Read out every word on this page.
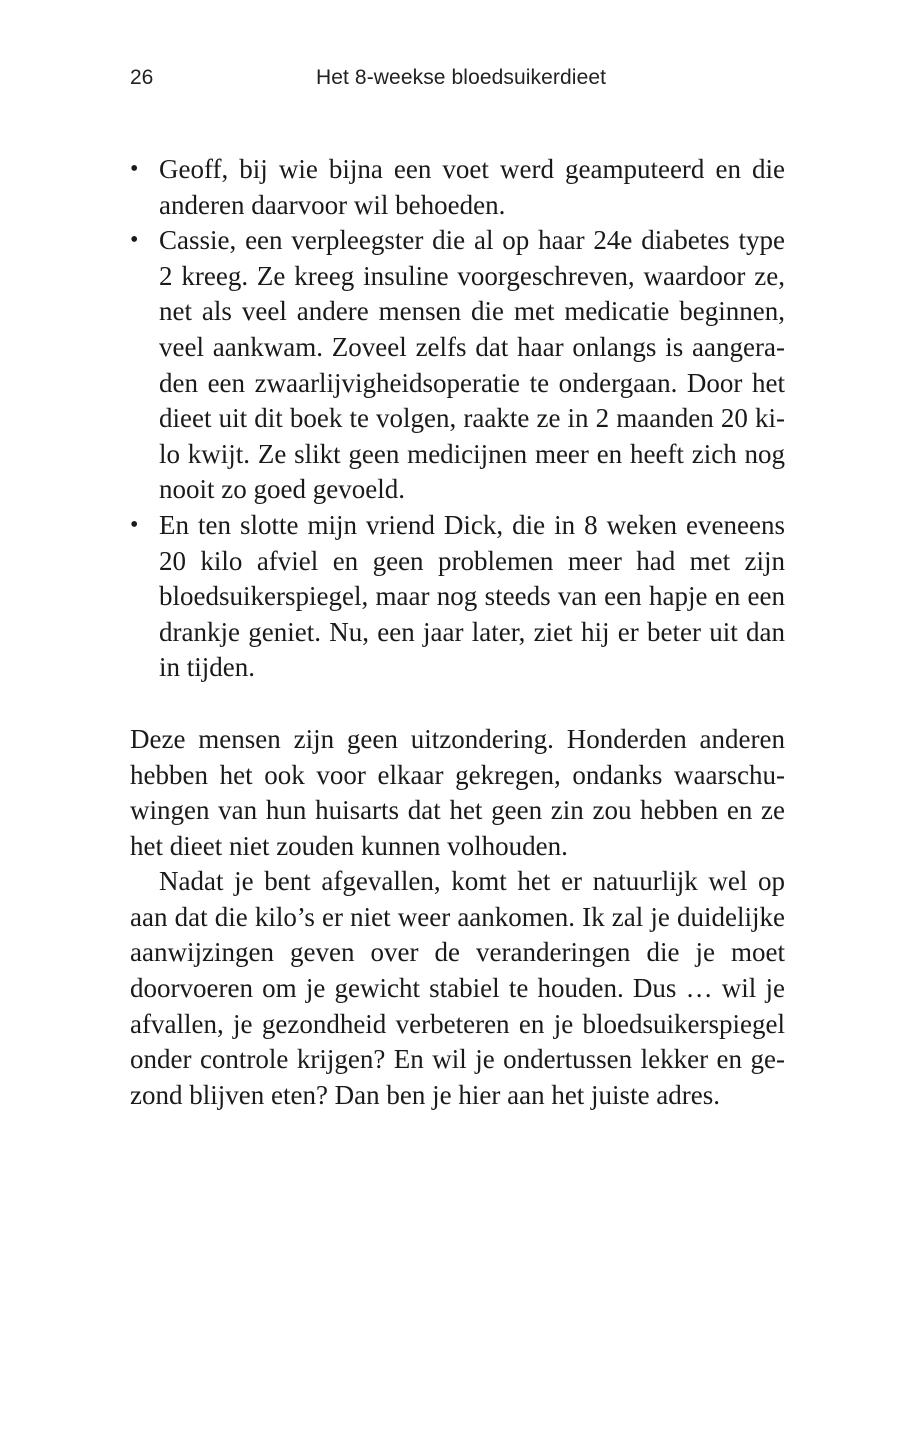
26	Het 8-weekse bloedsuikerdieet
• Geoff, bij wie bijna een voet werd geamputeerd en die anderen daarvoor wil behoeden.
• Cassie, een verpleegster die al op haar 24e diabetes type 2 kreeg. Ze kreeg insuline voorgeschreven, waardoor ze, net als veel andere mensen die met medicatie beginnen, veel aankwam. Zoveel zelfs dat haar onlangs is aangeraden een zwaarlijvigheidsoperatie te ondergaan. Door het dieet uit dit boek te volgen, raakte ze in 2 maanden 20 kilo kwijt. Ze slikt geen medicijnen meer en heeft zich nog nooit zo goed gevoeld.
• En ten slotte mijn vriend Dick, die in 8 weken eveneens 20 kilo afviel en geen problemen meer had met zijn bloedsuikerspiegel, maar nog steeds van een hapje en een drankje geniet. Nu, een jaar later, ziet hij er beter uit dan in tijden.

Deze mensen zijn geen uitzondering. Honderden anderen hebben het ook voor elkaar gekregen, ondanks waarschuwingen van hun huisarts dat het geen zin zou hebben en ze het dieet niet zouden kunnen volhouden.

Nadat je bent afgevallen, komt het er natuurlijk wel op aan dat die kilo’s er niet weer aankomen. Ik zal je duidelijke aanwijzingen geven over de veranderingen die je moet doorvoeren om je gewicht stabiel te houden. Dus … wil je afvallen, je gezondheid verbeteren en je bloedsuikerspiegel onder controle krijgen? En wil je ondertussen lekker en gezond blijven eten? Dan ben je hier aan het juiste adres.
